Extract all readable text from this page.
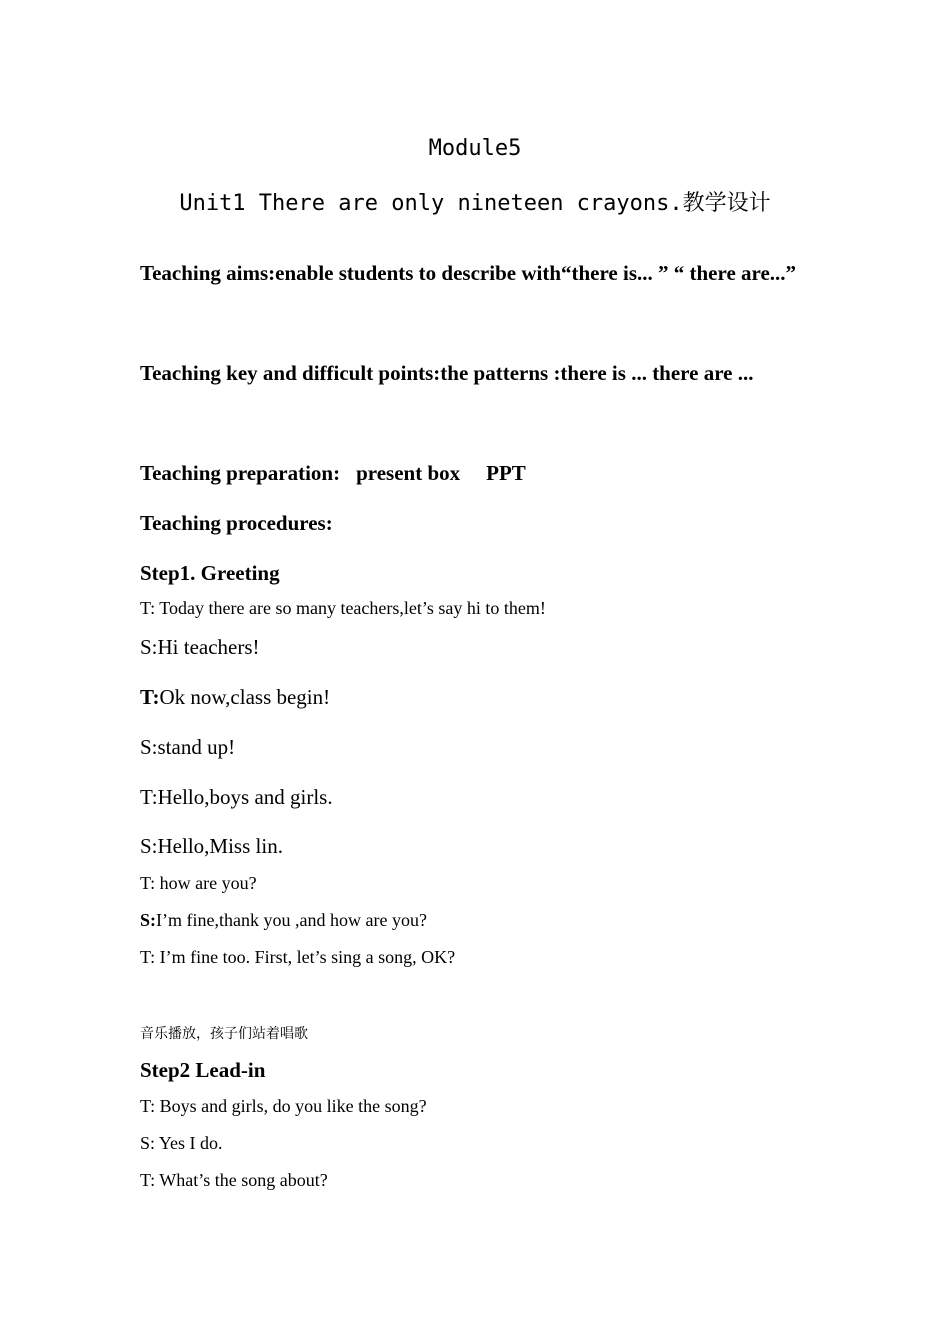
Module5
Unit1 There are only nineteen crayons.教学设计
Teaching aims:enable students to describe with“there is... ” “ there are...”
Teaching key and difficult points:the patterns :there is ... there are ...
Teaching preparation: present box PPT
Teaching procedures:
Step1. Greeting
T: Today there are so many teachers,let’s say hi to them!
S:Hi teachers!
T:Ok now,class begin!
S:stand up!
T:Hello,boys and girls.
S:Hello,Miss lin.
T: how are you?
S:I’m fine,thank you ,and how are you?
T: I’m fine too. First, let’s sing a song, OK?
音乐播放，孩子们站着唱歌
Step2 Lead-in
T: Boys and girls, do you like the song?
S: Yes I do.
T: What’s the song about?
